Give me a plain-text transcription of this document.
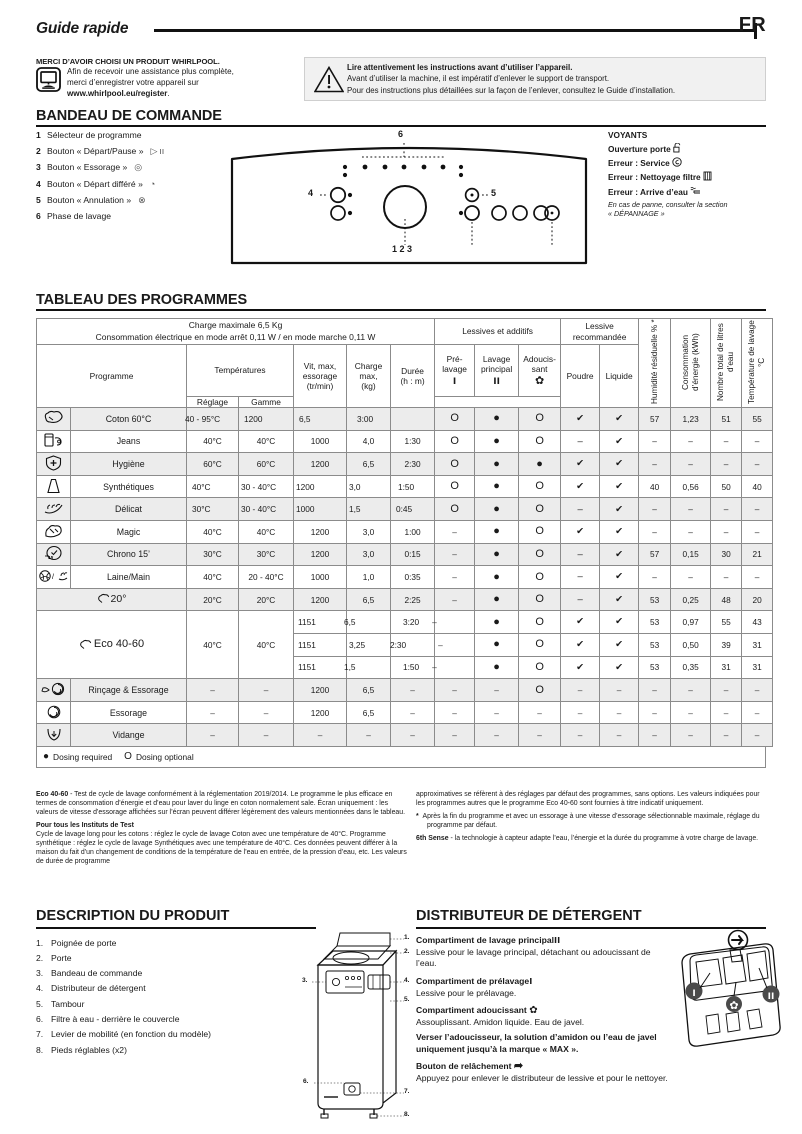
Guide rapide	FR
MERCI D’AVOIR CHOISI UN PRODUIT WHIRLPOOL.
Afin de recevoir une assistance plus complète,
merci d’enregistrer votre appareil sur
www.whirlpool.eu/register.
Lire attentivement les instructions avant d’utiliser l’appareil.
Avant d’utiliser la machine, il est impératif d’enlever le support de transport.
Pour des instructions plus détaillées sur la façon de l’enlever, consultez le Guide d’installation.
BANDEAU DE COMMANDE
1 Sélecteur de programme
2 Bouton « Départ/Pause » ▷ ıı
3 Bouton « Essorage » ◎
4 Bouton « Départ différé » ◔
5 Bouton « Annulation » ⊗
6 Phase de lavage
6
4	5
1 2 3
VOYANTS
Ouverture porte
Erreur : Service
Erreur : Nettoyage filtre
Erreur : Arrive d’eau
En cas de panne, consulter la section
« DÉPANNAGE »
TABLEAU DES PROGRAMMES
Charge maximale 6,5 Kg
Consommation électrique en mode arrêt 0,11 W / en mode marche 0,11 W
	Lessives et additifs	
Lessive
recommandée	Humidité résiduelle % *	Consommation d’énergie (kWh)	Nombre total de litres d’eau	Température de lavage °C
Programme	Températures	Vit, max,
essorage
(tr/min)

Charge
max,
(kg)

Durée
(h : m)

Pré-
lavage
ı

Lavage
principal
ıı

Adoucis-
sant
✿	Poudre	Liquide
		Réglage	Gamme												
	Coton 60°C	40 - 95°C	1200	6,5	3:00		O	●	O	✔	✔	57	1,23	51	55
	Jeans	40°C	40°C	1000	4,0	1:30	O	●	O	–	✔	–	–	–	–
	Hygiène	60°C	60°C	1200	6,5	2:30	O	●	●	✔	✔	–	–	–	–
	Synthétiques	40°C	30 - 40°C	1200	3,0	1:50	O	●	O	✔	✔	40	0,56	50	40
	Délicat	30°C	30 - 40°C	1000	1,5	0:45	O	●	O	–	✔	–	–	–	–
	Magic	40°C	40°C	1200	3,0	1:00	–	●	O	✔	✔	–	–	–	–

15	Chrono 15’	30°C	30°C	1200	3,0	0:15	–	●	O	–	✔	57	0,15	30	21

/	Laine/Main	40°C	20 - 40°C	1000	1,0	0:35	–	●	O	–	✔	–	–	–	–

20°		20°C	20°C	1200	6,5	2:25	–	●	O	–	✔	53	0,25	48	20

Eco 40-60		40°C	40°C	1151	6,5	3:20	–	●	O	✔	✔	53	0,97	55	43

				1151	3,25	2:30	–	●	O	✔	✔	53	0,50	39	31

				1151	1,5	1:50	–	●	O	✔	✔	53	0,35	31	31
	Rinçage & Essorage	–	–	1200	6,5	–	–	–	O	–	–	–	–	–	–
	Essorage	–	–	1200	6,5	–	–	–	–	–	–	–	–	–	–
	Vidange	–	–	–	–	–	–	–	–	–	–	–	–	–	–
● Dosing required O Dosing optional

Eco 40-60 - Test de cycle de lavage conformément à la réglementation 2019/2014. Le programme le plus efficace en termes de consommation d’énergie et d’eau pour laver du linge en coton normalement sale. Écran uniquement : les valeurs de vitesse d’essorage affichées sur l’écran peuvent différer légèrement des valeurs mentionnées dans le tableau.

Pour tous les Instituts de Test

Cycle de lavage long pour les cotons : réglez le cycle de lavage Coton avec une température de 40°C. Programme synthétique : réglez le cycle de lavage Synthétiques avec une température de 40°C. Ces données peuvent différer à la maison du fait d’un changement de conditions de la température de l’eau en entrée, de la pression d’eau, etc. Les valeurs de durée de programme

approximatives se réfèrent à des réglages par défaut des programmes, sans options. Les valeurs indiquées pour les programmes autres que le programme Eco 40-60 sont fournies à titre indicatif uniquement.

* Après la fin du programme et avec un essorage à une vitesse d’essorage sélectionnable maximale, réglage du programme par défaut.

6th Sense - la technologie à capteur adapte l’eau, l’énergie et la durée du programme à votre charge de lavage.

DESCRIPTION DU PRODUIT
1. Poignée de porte
2. Porte
3. Bandeau de commande
4. Distributeur de détergent
5. Tambour
6. Filtre à eau - derrière le couvercle
7. Levier de mobilité (en fonction du modèle)
8. Pieds réglables (x2)
1.
2.
3.	4.
5.
6.
7.
8.
DISTRIBUTEUR DE DÉTERGENT
Compartiment de lavage principalıı
Lessive pour le lavage principal, détachant ou adoucissant de l’eau.
Compartiment de prélavageı
Lessive pour le prélavage.
Compartiment adoucissant ✿
Assouplissant. Amidon liquide. Eau de javel.
Verser l’adoucisseur, la solution d’amidon ou l’eau de javel uniquement jusqu’à la marque « MAX ».
Bouton de relâchement ➦
Appuyez pour enlever le distributeur de lessive et pour le nettoyer.
ı	ıı
✿
